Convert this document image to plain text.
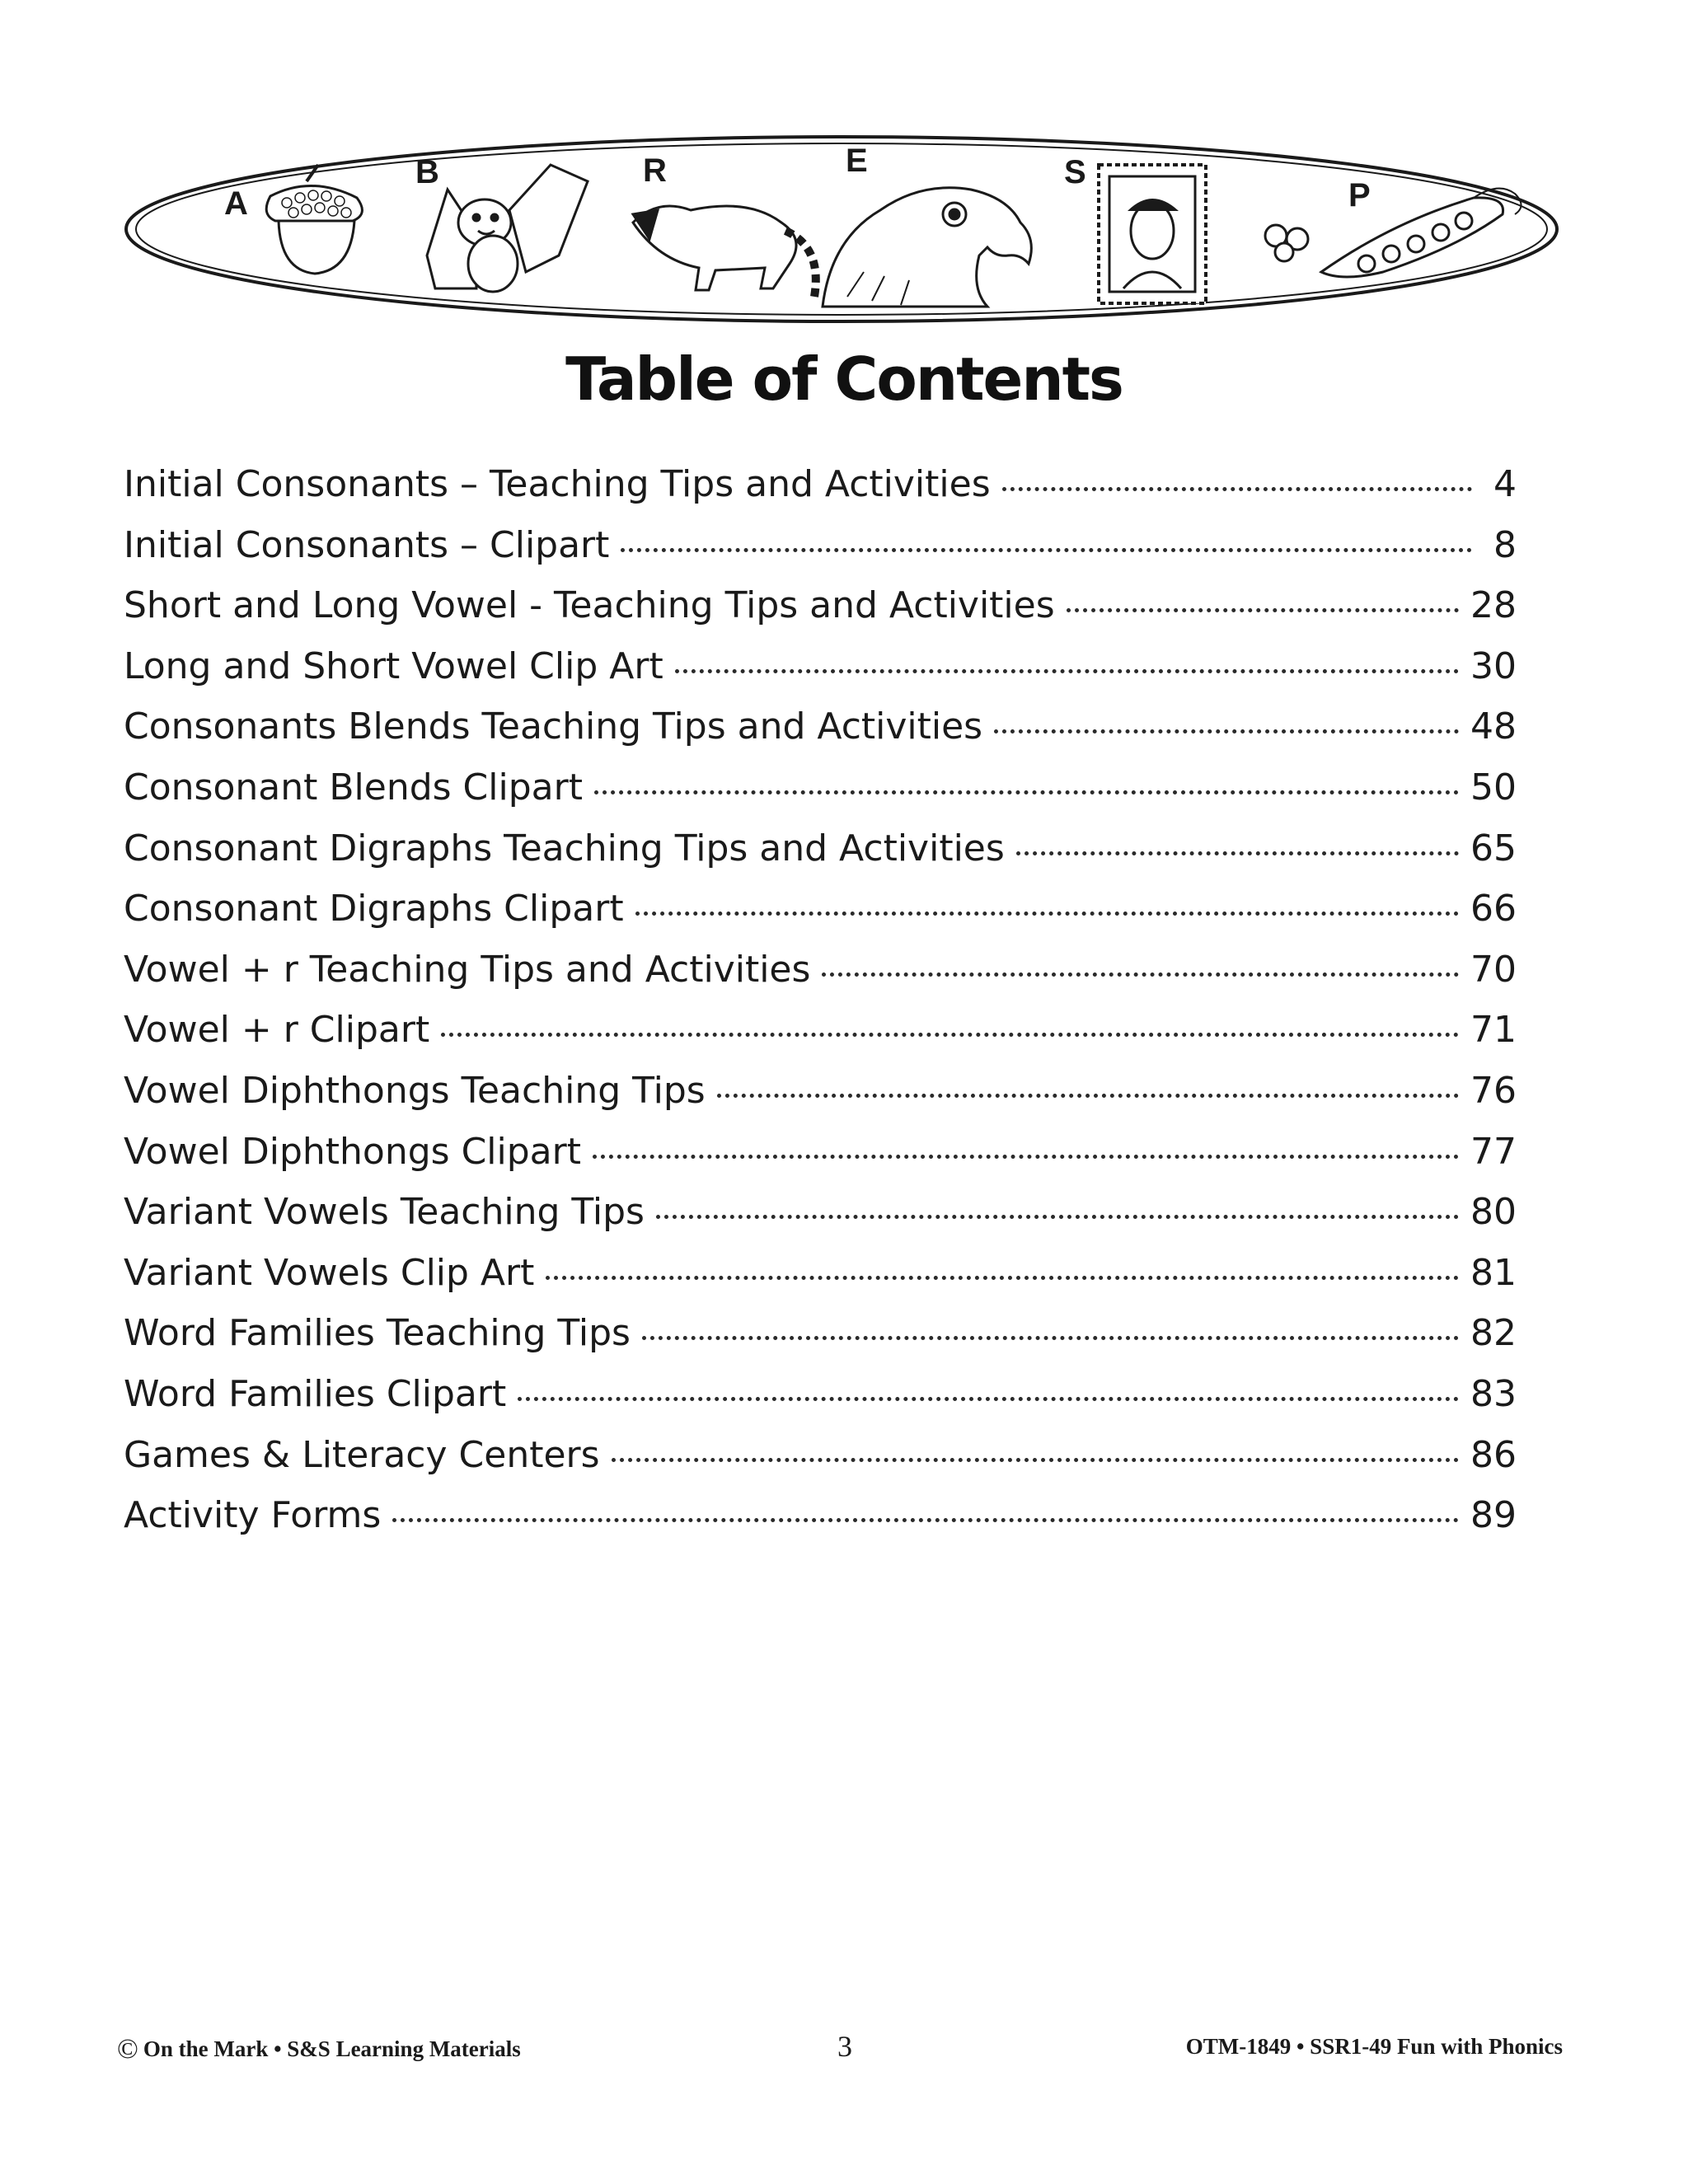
A
B	R	E	S
P
Table of Contents
Initial Consonants – Teaching Tips and Activities	4
Initial Consonants – Clipart	8
Short and Long Vowel - Teaching Tips and Activities	28
Long and Short Vowel Clip Art	30
Consonants Blends Teaching Tips and Activities	48
Consonant Blends Clipart	50
Consonant Digraphs Teaching Tips and Activities	65
Consonant Digraphs Clipart	66
Vowel + r Teaching Tips and Activities	70
Vowel + r Clipart	71
Vowel Diphthongs Teaching Tips	76
Vowel Diphthongs Clipart	77
Variant Vowels Teaching Tips	80
Variant Vowels Clip Art	81
Word Families Teaching Tips	82
Word Families Clipart	83
Games & Literacy Centers	86
Activity Forms	89
© On the Mark • S&S Learning Materials	3	OTM-1849 • SSR1-49 Fun with Phonics
